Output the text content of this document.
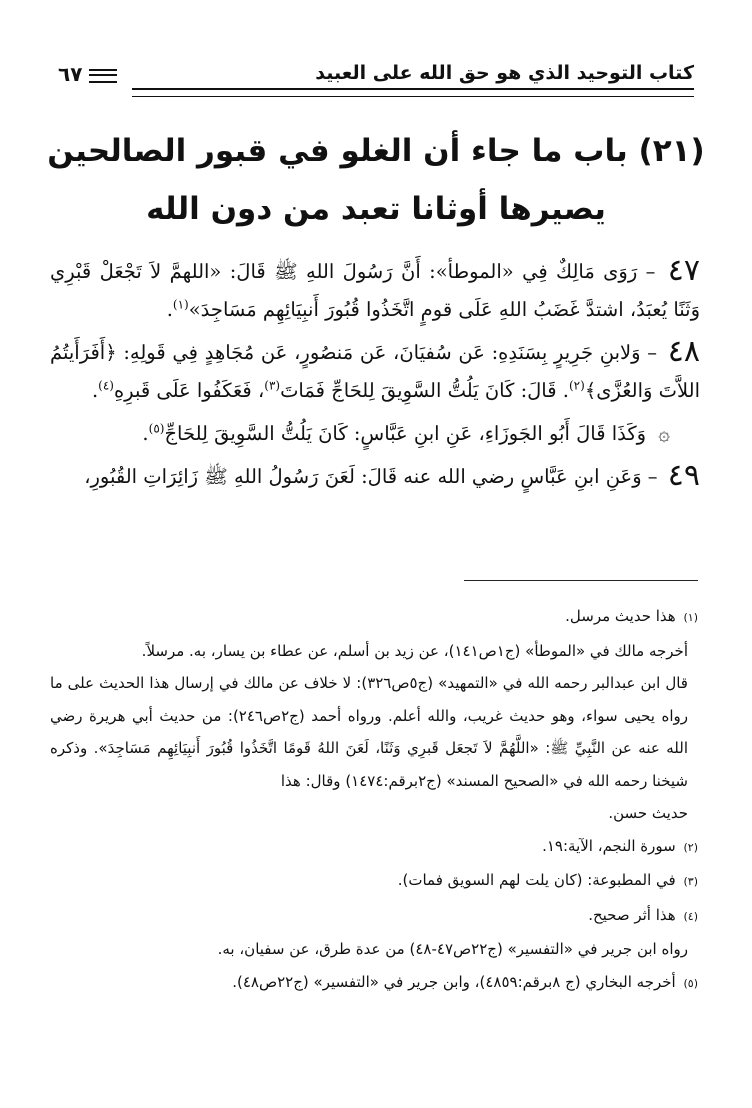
كتاب التوحيد الذي هو حق الله على العبيد
٦٧
(٢١) باب ما جاء أن الغلو في قبور الصالحين
يصيرها أوثانا تعبد من دون الله

٤٧ – رَوَى مَالِكٌ فِي «الموطأ»: أَنَّ رَسُولَ اللهِ ﷺ قَالَ: «اللهمَّ لاَ تَجْعَلْ قَبْرِي وَثَنًا يُعبَدُ، اشتدَّ غَضَبُ اللهِ عَلَى قومٍ اتَّخَذُوا قُبُورَ أَنبِيَائِهِم مَسَاجِدَ»$^{(١)}$.

٤٨ – وَلابنِ جَرِيرٍ بِسَنَدِهِ: عَن سُفيَانَ، عَن مَنصُورٍ، عَن مُجَاهِدٍ فِي قَولِهِ: ﴿أَفَرَأَيتُمُ اللاَّتَ وَالعُزَّى﴾$^{(٢)}$. قَالَ: كَانَ يَلُتُّ السَّوِيقَ لِلحَاجِّ فَمَاتَ$^{(٣)}$، فَعَكَفُوا عَلَى قَبرِهِ$^{(٤)}$.

۞ وَكَذَا قَالَ أَبُو الجَوزَاءِ، عَنِ ابنِ عَبَّاسٍ: كَانَ يَلُتُّ السَّوِيقَ لِلحَاجِّ$^{(٥)}$.

٤٩ – وَعَنِ ابنِ عَبَّاسٍ رضي الله عنه قَالَ: لَعَنَ رَسُولُ اللهِ ﷺ زَائِرَاتِ القُبُورِ،

(١) هذا حديث مرسل.

أخرجه مالك في «الموطأ» (ج١ص١٤١)، عن زيد بن أسلم، عن عطاء بن يسار، به. مرسلاً.

قال ابن عبدالبر رحمه الله في «التمهيد» (ج٥ص٣٢٦): لا خلاف عن مالك في إرسال هذا الحديث على ما رواه يحيى سواء، وهو حديث غريب، والله أعلم. ورواه أحمد (ج٢ص٢٤٦): من حديث أبي هريرة رضي الله عنه عن النَّبِيِّ ﷺ: «اللَّهُمَّ لاَ تَجعَل قَبرِي وَثَنًا، لَعَنَ اللهُ قَومًا اتَّخَذُوا قُبُورَ أَنبِيَائِهِم مَسَاجِدَ». وذكره شيخنا رحمه الله في «الصحيح المسند» (ج٢برقم:١٤٧٤) وقال: هذا

حديث حسن.

(٢) سورة النجم، الآية:١٩.

(٣) في المطبوعة: (كان يلت لهم السويق فمات).

(٤) هذا أثر صحيح.

رواه ابن جرير في «التفسير» (ج٢٢ص٤٧-٤٨) من عدة طرق، عن سفيان، به.

(٥) أخرجه البخاري (ج ٨برقم:٤٨٥٩)، وابن جرير في «التفسير» (ج٢٢ص٤٨).
